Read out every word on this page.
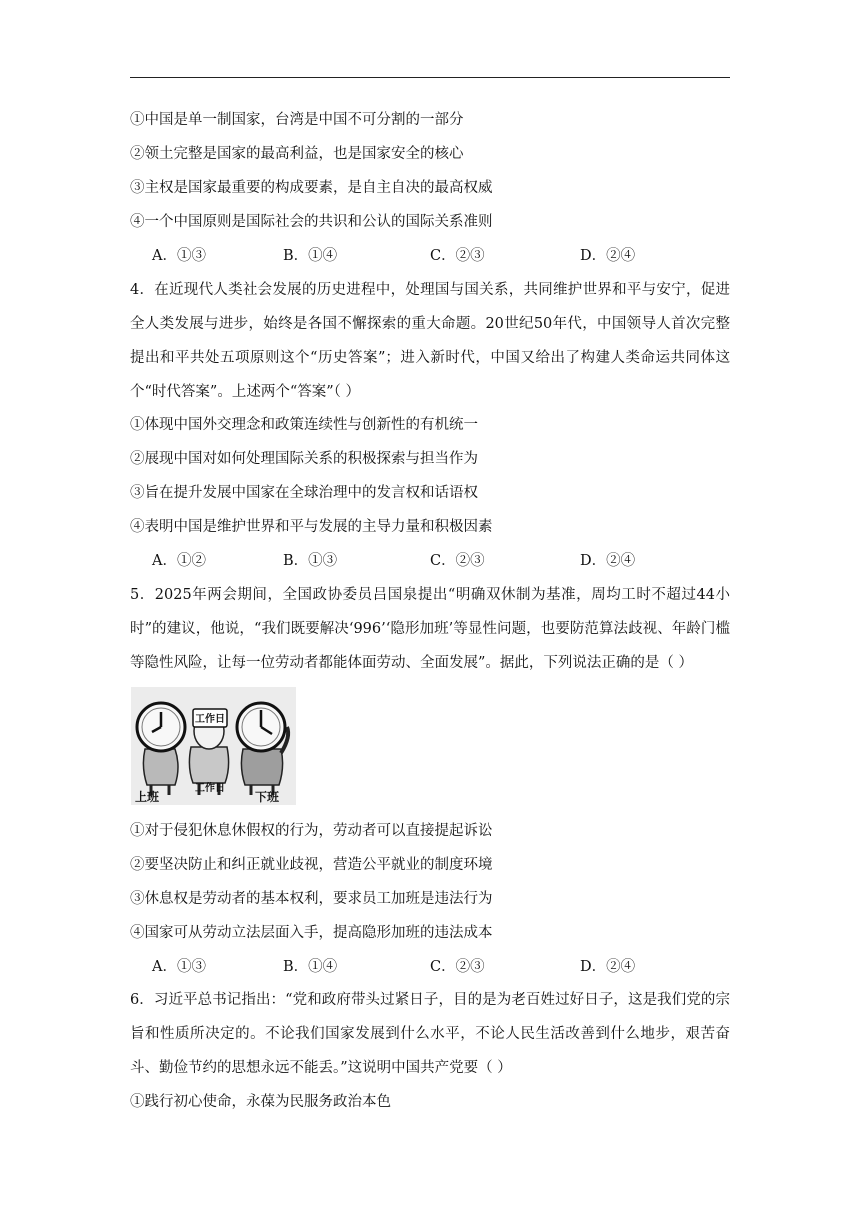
①中国是单一制国家，台湾是中国不可分割的一部分
②领土完整是国家的最高利益，也是国家安全的核心
③主权是国家最重要的构成要素，是自主自决的最高权威
④一个中国原则是国际社会的共识和公认的国际关系准则
A．①③	B．①④	C．②③	D．②④
4．在近现代人类社会发展的历史进程中，处理国与国关系，共同维护世界和平与安宁，促进全人类发展与进步，始终是各国不懈探索的重大命题。20世纪50年代，中国领导人首次完整提出和平共处五项原则这个“历史答案”；进入新时代，中国又给出了构建人类命运共同体这个“时代答案”。上述两个“答案”（ ）
①体现中国外交理念和政策连续性与创新性的有机统一
②展现中国对如何处理国际关系的积极探索与担当作为
③旨在提升发展中国家在全球治理中的发言权和话语权
④表明中国是维护世界和平与发展的主导力量和积极因素
A．①②	B．①③	C．②③	D．②④
5．2025年两会期间，全国政协委员吕国泉提出“明确双休制为基准，周均工时不超过44小时”的建议，他说，“我们既要解决‘996’‘隐形加班’等显性问题，也要防范算法歧视、年龄门槛等隐性风险，让每一位劳动者都能体面劳动、全面发展”。据此，下列说法正确的是（ ）
工作日
上班
工作日
下班
①对于侵犯休息休假权的行为，劳动者可以直接提起诉讼
②要坚决防止和纠正就业歧视，营造公平就业的制度环境
③休息权是劳动者的基本权利，要求员工加班是违法行为
④国家可从劳动立法层面入手，提高隐形加班的违法成本
A．①③	B．①④	C．②③	D．②④
6．习近平总书记指出：“党和政府带头过紧日子，目的是为老百姓过好日子，这是我们党的宗旨和性质所决定的。不论我们国家发展到什么水平，不论人民生活改善到什么地步，艰苦奋斗、勤俭节约的思想永远不能丢。”这说明中国共产党要（ ）
①践行初心使命，永葆为民服务政治本色
